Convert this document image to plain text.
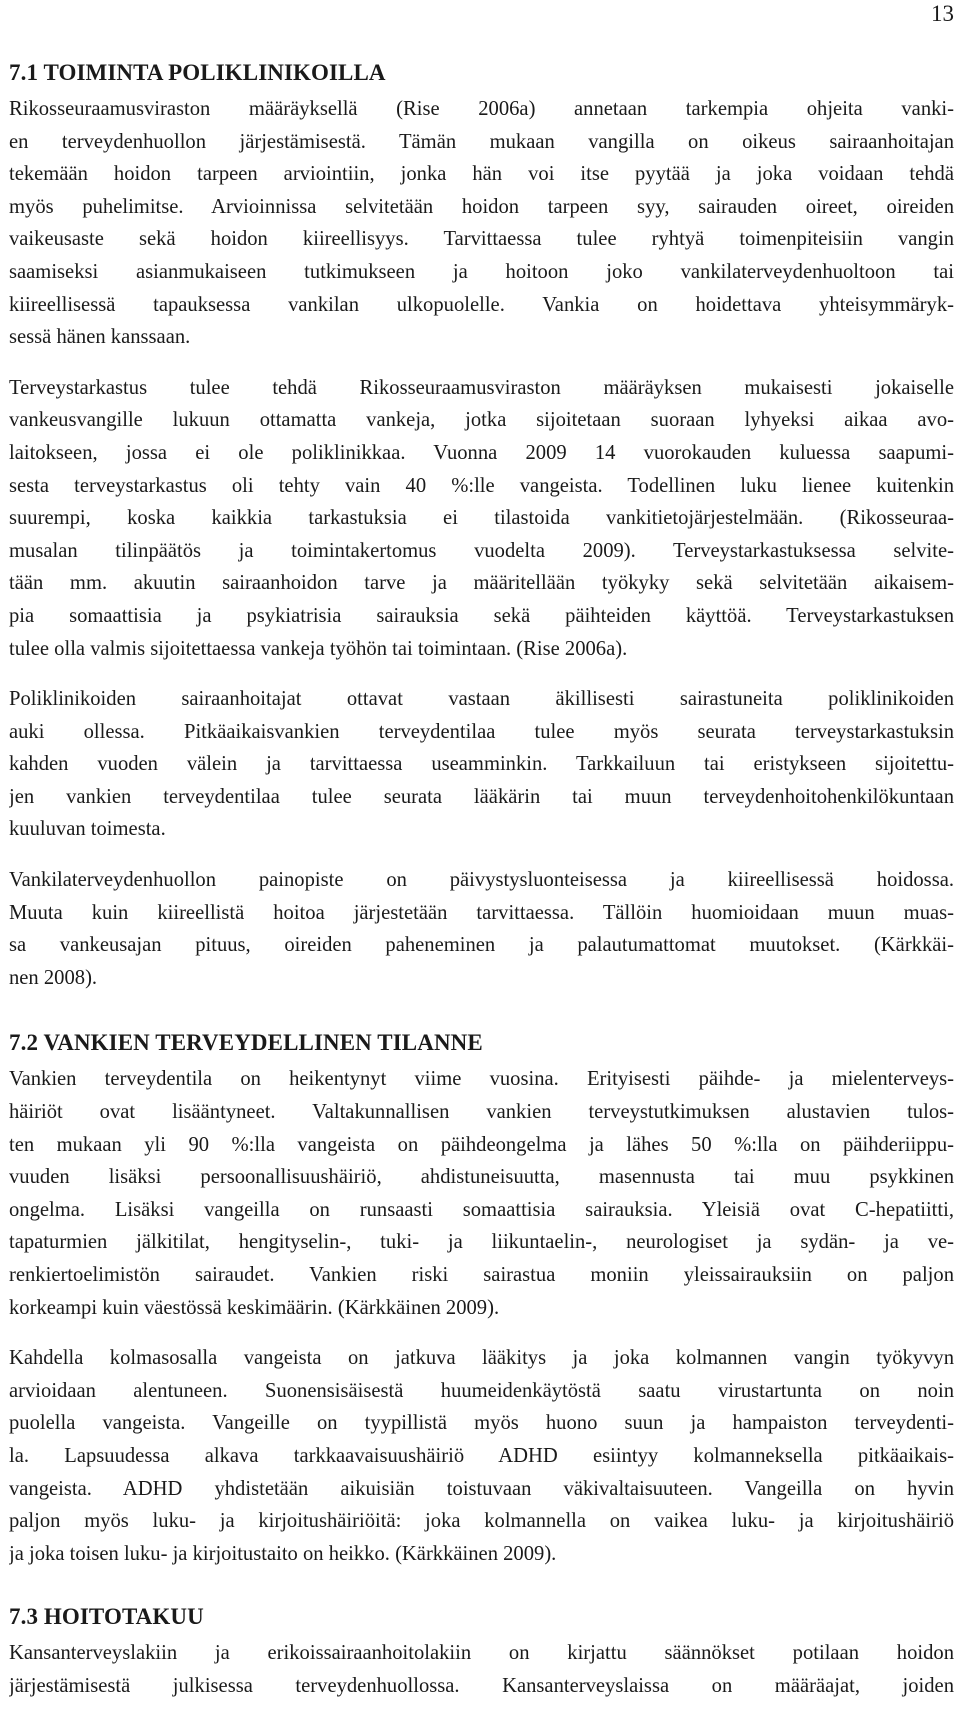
13
7.1 TOIMINTA POLIKLINIKOILLA

Rikosseuraamusviraston määräyksellä (Rise 2006a) annetaan tarkempia ohjeita vanki-
en terveydenhuollon järjestämisestä. Tämän mukaan vangilla on oikeus sairaanhoitajan
tekemään hoidon tarpeen arviointiin, jonka hän voi itse pyytää ja joka voidaan tehdä
myös puhelimitse. Arvioinnissa selvitetään hoidon tarpeen syy, sairauden oireet, oireiden
vaikeusaste sekä hoidon kiireellisyys. Tarvittaessa tulee ryhtyä toimenpiteisiin vangin
saamiseksi asianmukaiseen tutkimukseen ja hoitoon joko vankilaterveydenhuoltoon tai
kiireellisessä tapauksessa vankilan ulkopuolelle. Vankia on hoidettava yhteisymmäryk-
sessä hänen kanssaan.

Terveystarkastus tulee tehdä Rikosseuraamusviraston määräyksen mukaisesti jokaiselle
vankeusvangille lukuun ottamatta vankeja, jotka sijoitetaan suoraan lyhyeksi aikaa avo-
laitokseen, jossa ei ole poliklinikkaa. Vuonna 2009 14 vuorokauden kuluessa saapumi-
sesta terveystarkastus oli tehty vain 40 %:lle vangeista. Todellinen luku lienee kuitenkin
suurempi, koska kaikkia tarkastuksia ei tilastoida vankitietojärjestelmään. (Rikosseuraa-
musalan tilinpäätös ja toimintakertomus vuodelta 2009). Terveystarkastuksessa selvite-
tään mm. akuutin sairaanhoidon tarve ja määritellään työkyky sekä selvitetään aikaisem-
pia somaattisia ja psykiatrisia sairauksia sekä päihteiden käyttöä. Terveystarkastuksen
tulee olla valmis sijoitettaessa vankeja työhön tai toimintaan. (Rise 2006a).

Poliklinikoiden sairaanhoitajat ottavat vastaan äkillisesti sairastuneita poliklinikoiden
auki ollessa. Pitkäaikaisvankien terveydentilaa tulee myös seurata terveystarkastuksin
kahden vuoden välein ja tarvittaessa useamminkin. Tarkkailuun tai eristykseen sijoitettu-
jen vankien terveydentilaa tulee seurata lääkärin tai muun terveydenhoitohenkilökuntaan
kuuluvan toimesta.

Vankilaterveydenhuollon painopiste on päivystysluonteisessa ja kiireellisessä hoidossa.
Muuta kuin kiireellistä hoitoa järjestetään tarvittaessa. Tällöin huomioidaan muun muas-
sa vankeusajan pituus, oireiden paheneminen ja palautumattomat muutokset. (Kärkkäi-
nen 2008).

7.2 VANKIEN TERVEYDELLINEN TILANNE

Vankien terveydentila on heikentynyt viime vuosina. Erityisesti päihde- ja mielenterveys-
häiriöt ovat lisääntyneet. Valtakunnallisen vankien terveystutkimuksen alustavien tulos-
ten mukaan yli 90 %:lla vangeista on päihdeongelma ja lähes 50 %:lla on päihderiippu-
vuuden lisäksi persoonallisuushäiriö, ahdistuneisuutta, masennusta tai muu psykkinen
ongelma. Lisäksi vangeilla on runsaasti somaattisia sairauksia. Yleisiä ovat C-hepatiitti,
tapaturmien jälkitilat, hengityselin-, tuki- ja liikuntaelin-, neurologiset ja sydän- ja ve-
renkiertoelimistön sairaudet. Vankien riski sairastua moniin yleissairauksiin on paljon
korkeampi kuin väestössä keskimäärin. (Kärkkäinen 2009).

Kahdella kolmasosalla vangeista on jatkuva lääkitys ja joka kolmannen vangin työkyvyn
arvioidaan alentuneen. Suonensisäisestä huumeidenkäytöstä saatu virustartunta on noin
puolella vangeista. Vangeille on tyypillistä myös huono suun ja hampaiston terveydenti-
la. Lapsuudessa alkava tarkkaavaisuushäiriö ADHD esiintyy kolmanneksella pitkäaikais-
vangeista. ADHD yhdistetään aikuisiän toistuvaan väkivaltaisuuteen. Vangeilla on hyvin
paljon myös luku- ja kirjoitushäiriöitä: joka kolmannella on vaikea luku- ja kirjoitushäiriö
ja joka toisen luku- ja kirjoitustaito on heikko. (Kärkkäinen 2009).

7.3 HOITOTAKUU

Kansanterveyslakiin ja erikoissairaanhoitolakiin on kirjattu säännökset potilaan hoidon
järjestämisestä julkisessa terveydenhuollossa. Kansanterveyslaissa on määräajat, joiden
